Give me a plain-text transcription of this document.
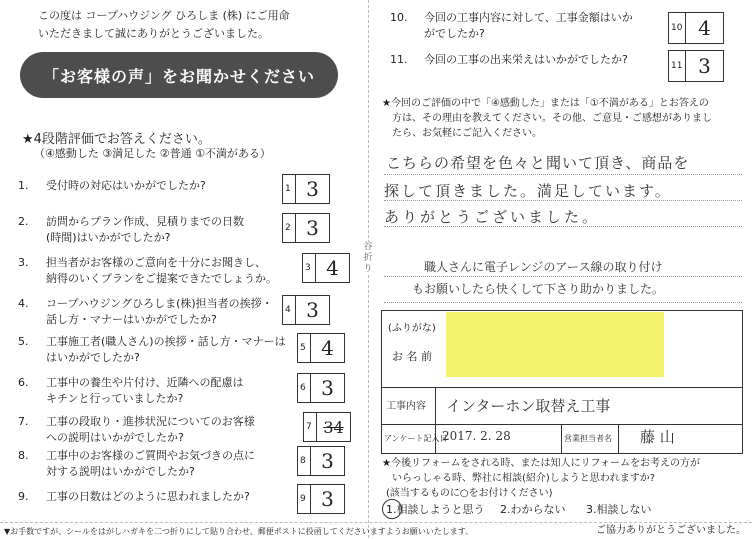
この度は コープハウジング ひろしま (株) にご用命
いただきまして誠にありがとうございました。
「お客様の声」をお聞かせください
★4段階評価でお答えください。
（④感動した ③満足した ②普通 ①不満がある）
1. 受付時の対応はいかがでしたか?	1 3
2. 訪問からプラン作成、見積りまでの日数
(時間)はいかがでしたか?
2 3
3. 担当者がお客様のご意向を十分にお聞きし、
納得のいくプランをご提案できたでしょうか。
3 4
4. コープハウジングひろしま(株)担当者の挨拶・
話し方・マナーはいかがでしたか?
4 3
5. 工事施工者(職人さん)の挨拶・話し方・マナーは
はいかがでしたか?
5 4
6. 工事中の養生や片付け、近隣への配慮は
キチンと行っていましたか?
6 3
7. 工事の段取り・進捗状況についてのお客様
への説明はいかがでしたか?
7 34
8. 工事中のお客様のご質問やお気づきの点に
対する説明はいかがでしたか?
8 3
9. 工事の日数はどのように思われましたか?	9 3
谷折り
10. 今回の工事内容に対して、工事金額はいか
がでしたか?	10 4
11. 今回の工事の出来栄えはいかがでしたか?	11 3
★今回のご評価の中で「④感動した」または「①不満がある」とお答えの
方は、その理由を教えてください。その他、ご意見・ご感想がありまし
たら、お気軽にご記入ください。
こちらの希望を色々と聞いて頂き、商品を
探して頂きました。満足しています。
ありがとうございました。
職人さんに電子レンジのアース線の取り付け
もお願いしたら快くして下さり助かりました。
(ふりがな)
お 名 前
工事内容 インターホン取替え工事
アンケート記入日
2017. 2. 28	営業担当者名 藤 山
★今後リフォームをされる時、または知人にリフォームをお考えの方が
いらっしゃる時、弊社に相談(紹介)しようと思われますか?
(該当するものに○をお付けください)
1.相談しようと思う 2.わからない 3.相談しない
▼お手数ですが、シールをはがしハガキを二つ折りにして貼り合わせ、郵便ポストに投函してくださいますようお願いいたします。	ご協力ありがとうございました。
